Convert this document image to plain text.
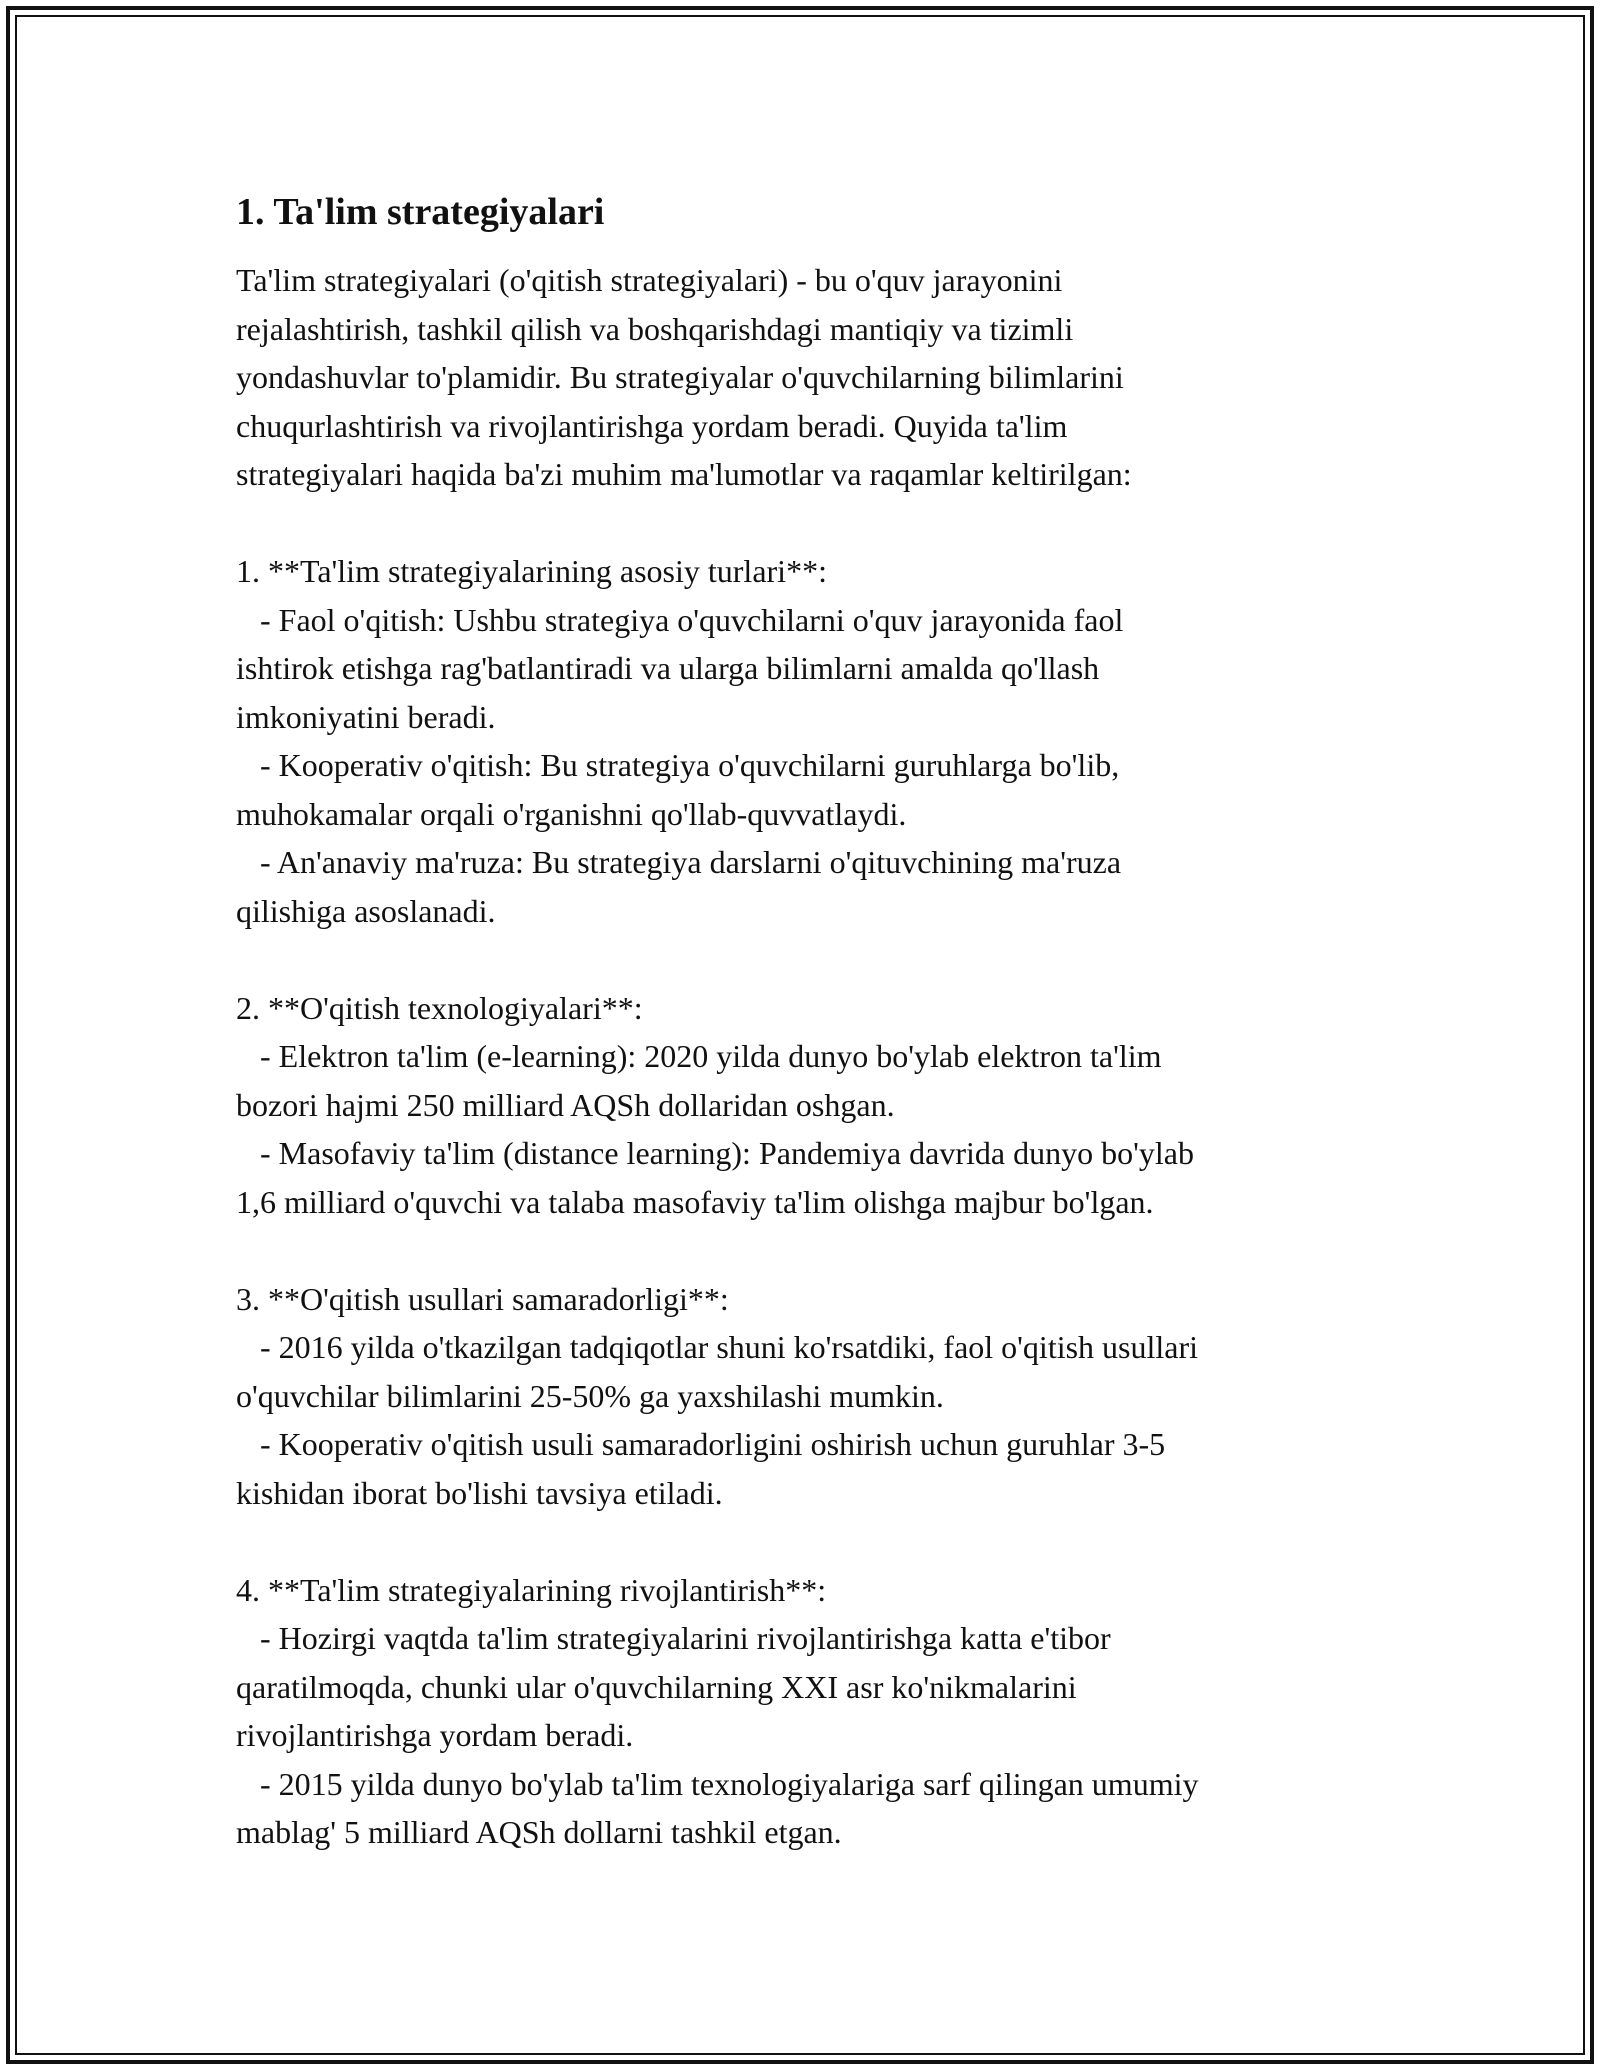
1. Ta'lim strategiyalari
Ta'lim strategiyalari (o'qitish strategiyalari) - bu o'quv jarayonini
rejalashtirish, tashkil qilish va boshqarishdagi mantiqiy va tizimli
yondashuvlar to'plamidir. Bu strategiyalar o'quvchilarning bilimlarini
chuqurlashtirish va rivojlantirishga yordam beradi. Quyida ta'lim
strategiyalari haqida ba'zi muhim ma'lumotlar va raqamlar keltirilgan:

1. **Ta'lim strategiyalarining asosiy turlari**:
- Faol o'qitish: Ushbu strategiya o'quvchilarni o'quv jarayonida faol
ishtirok etishga rag'batlantiradi va ularga bilimlarni amalda qo'llash
imkoniyatini beradi.
- Kooperativ o'qitish: Bu strategiya o'quvchilarni guruhlarga bo'lib,
muhokamalar orqali o'rganishni qo'llab-quvvatlaydi.
- An'anaviy ma'ruza: Bu strategiya darslarni o'qituvchining ma'ruza
qilishiga asoslanadi.

2. **O'qitish texnologiyalari**:
- Elektron ta'lim (e-learning): 2020 yilda dunyo bo'ylab elektron ta'lim
bozori hajmi 250 milliard AQSh dollaridan oshgan.
- Masofaviy ta'lim (distance learning): Pandemiya davrida dunyo bo'ylab
1,6 milliard o'quvchi va talaba masofaviy ta'lim olishga majbur bo'lgan.

3. **O'qitish usullari samaradorligi**:
- 2016 yilda o'tkazilgan tadqiqotlar shuni ko'rsatdiki, faol o'qitish usullari
o'quvchilar bilimlarini 25-50% ga yaxshilashi mumkin.
- Kooperativ o'qitish usuli samaradorligini oshirish uchun guruhlar 3-5
kishidan iborat bo'lishi tavsiya etiladi.

4. **Ta'lim strategiyalarining rivojlantirish**:
- Hozirgi vaqtda ta'lim strategiyalarini rivojlantirishga katta e'tibor
qaratilmoqda, chunki ular o'quvchilarning XXI asr ko'nikmalarini
rivojlantirishga yordam beradi.
- 2015 yilda dunyo bo'ylab ta'lim texnologiyalariga sarf qilingan umumiy
mablag' 5 milliard AQSh dollarni tashkil etgan.
